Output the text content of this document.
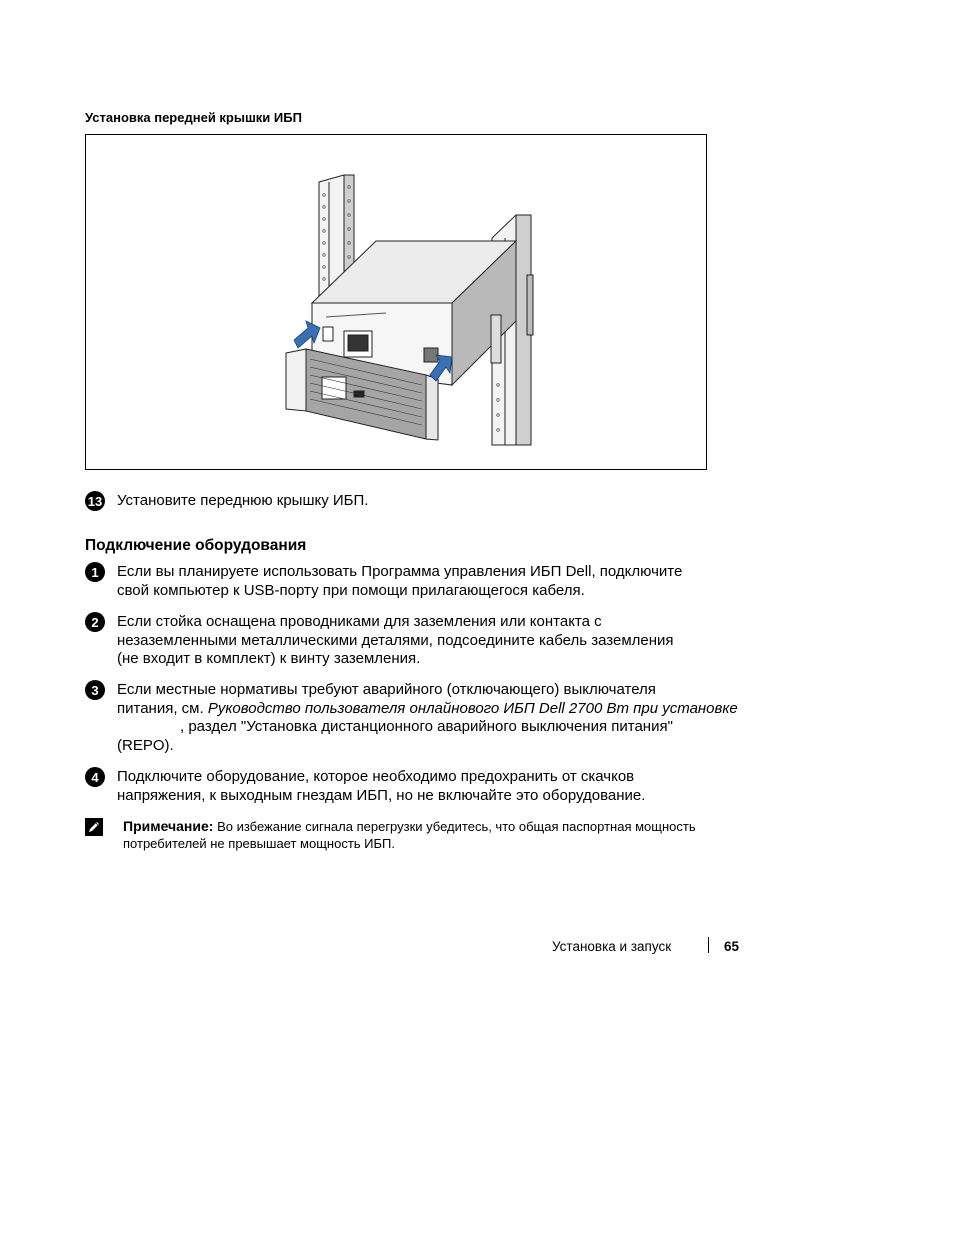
Установка передней крышки ИБП
13 Установите переднюю крышку ИБП.
Подключение оборудования
1	Если вы планируете использовать Программа управления ИБП Dell, подключите
свой компьютер к USB-порту при помощи прилагающегося кабеля.
2	Если стойка оснащена проводниками для заземления или контакта с
незаземленными металлическими деталями, подсоедините кабель заземления
(не входит в комплект) к винту заземления.
3	Если местные нормативы требуют аварийного (отключающего) выключателя
питания, см. Руководство пользователя онлайнового ИБП Dell 2700 Вт при установке
, раздел "Установка дистанционного аварийного выключения питания"
(REPO).
4	Подключите оборудование, которое необходимо предохранить от скачков
напряжения, к выходным гнездам ИБП, но не включайте это оборудование.
Примечание: Во избежание сигнала перегрузки убедитесь, что общая паспортная мощность
потребителей не превышает мощность ИБП.
Установка и запуск	65
